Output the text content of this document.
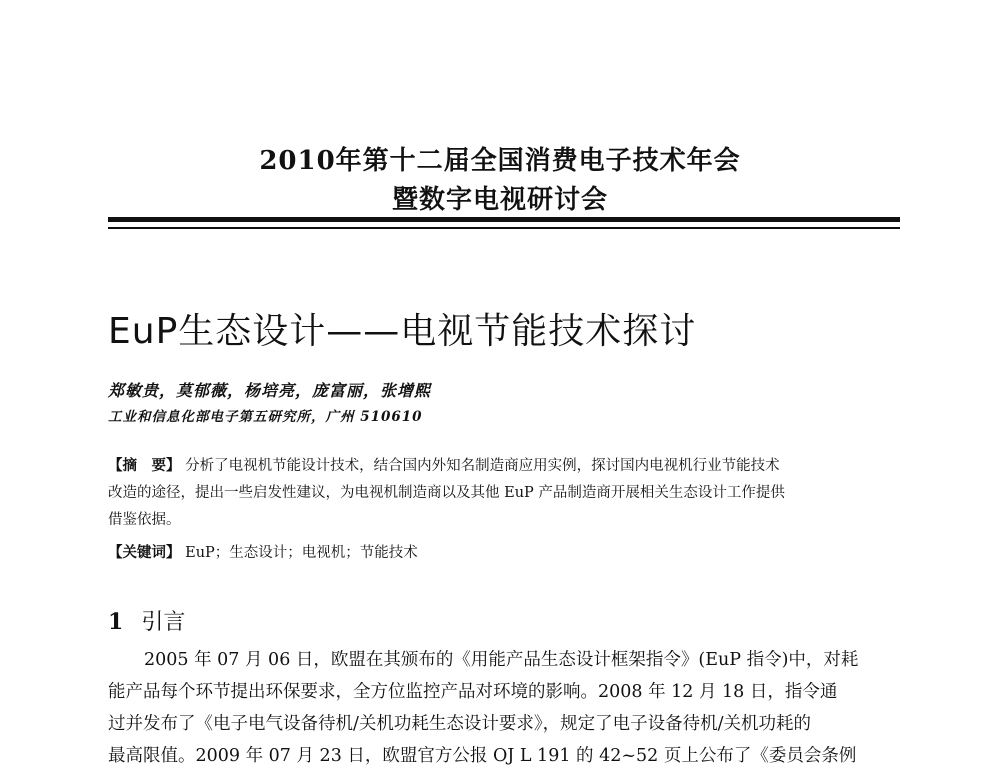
2010年第十二届全国消费电子技术年会
暨数字电视研讨会
EuP生态设计——电视节能技术探讨
郑敏贵，莫郁薇，杨培亮，庞富丽，张增熙
工业和信息化部电子第五研究所，广州 510610
【摘　要】 分析了电视机节能设计技术，结合国内外知名制造商应用实例，探讨国内电视机行业节能技术
改造的途径，提出一些启发性建议，为电视机制造商以及其他 EuP 产品制造商开展相关生态设计工作提供
借鉴依据。
【关键词】 EuP；生态设计；电视机；节能技术
1 引言
2005 年 07 月 06 日，欧盟在其颁布的《用能产品生态设计框架指令》(EuP 指令)中，对耗
能产品每个环节提出环保要求，全方位监控产品对环境的影响。2008 年 12 月 18 日，指令通
过并发布了《电子电气设备待机/关机功耗生态设计要求》，规定了电子设备待机/关机功耗的
最高限值。2009 年 07 月 23 日，欧盟官方公报 OJ L 191 的 42~52 页上公布了《委员会条例
